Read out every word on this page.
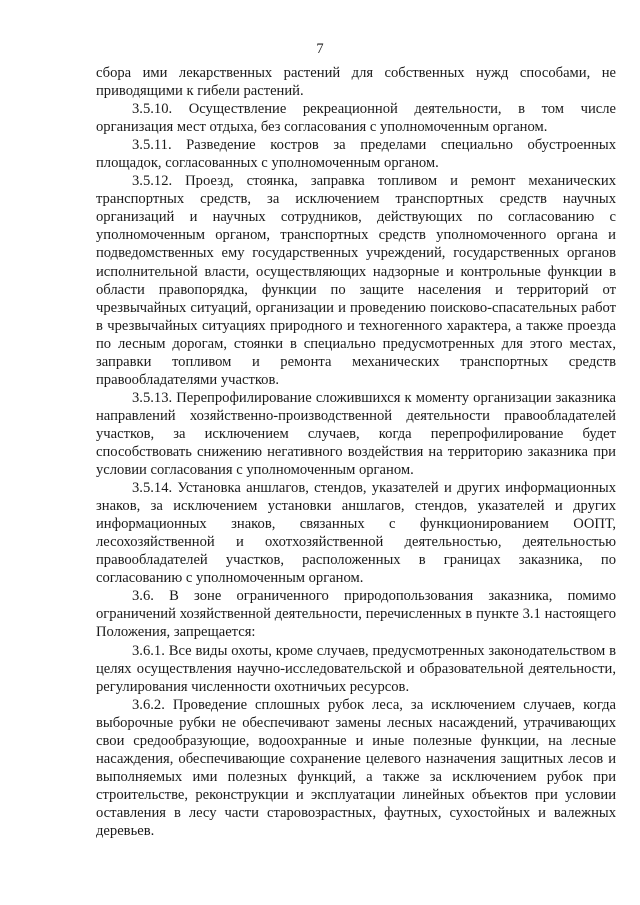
7

сбора ими лекарственных растений для собственных нужд способами, не приводящими к гибели растений.

3.5.10. Осуществление рекреационной деятельности, в том числе организация мест отдыха, без согласования с уполномоченным органом.

3.5.11. Разведение костров за пределами специально обустроенных площадок, согласованных с уполномоченным органом.

3.5.12. Проезд, стоянка, заправка топливом и ремонт механических транспортных средств, за исключением транспортных средств научных организаций и научных сотрудников, действующих по согласованию с уполномоченным органом, транспортных средств уполномоченного органа и подведомственных ему государственных учреждений, государственных органов исполнительной власти, осуществляющих надзорные и контрольные функции в области правопорядка, функции по защите населения и территорий от чрезвычайных ситуаций, организации и проведению поисково-спасательных работ в чрезвычайных ситуациях природного и техногенного характера, а также проезда по лесным дорогам, стоянки в специально предусмотренных для этого местах, заправки топливом и ремонта механических транспортных средств правообладателями участков.

3.5.13. Перепрофилирование сложившихся к моменту организации заказника направлений хозяйственно-производственной деятельности правообладателей участков, за исключением случаев, когда перепрофилирование будет способствовать снижению негативного воздействия на территорию заказника при условии согласования с уполномоченным органом.

3.5.14. Установка аншлагов, стендов, указателей и других информационных знаков, за исключением установки аншлагов, стендов, указателей и других информационных знаков, связанных с функционированием ООПТ, лесохозяйственной и охотхозяйственной деятельностью, деятельностью правообладателей участков, расположенных в границах заказника, по согласованию с уполномоченным органом.

3.6. В зоне ограниченного природопользования заказника, помимо ограничений хозяйственной деятельности, перечисленных в пункте 3.1 настоящего Положения, запрещается:

3.6.1. Все виды охоты, кроме случаев, предусмотренных законодательством в целях осуществления научно-исследовательской и образовательной деятельности, регулирования численности охотничьих ресурсов.

3.6.2. Проведение сплошных рубок леса, за исключением случаев, когда выборочные рубки не обеспечивают замены лесных насаждений, утрачивающих свои средообразующие, водоохранные и иные полезные функции, на лесные насаждения, обеспечивающие сохранение целевого назначения защитных лесов и выполняемых ими полезных функций, а также за исключением рубок при строительстве, реконструкции и эксплуатации линейных объектов при условии оставления в лесу части старовозрастных, фаутных, сухостойных и валежных деревьев.
